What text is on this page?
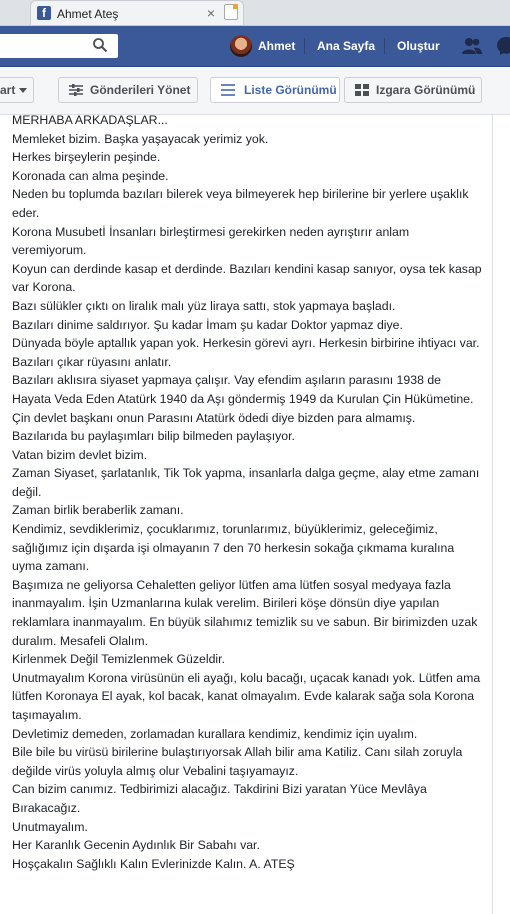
f Ahmet Ateş	×
Ahmet Ana Sayfa Oluştur
art	Gönderileri Yönet	Liste Görünümü	Izgara Görünümü

MERHABA ARKADAŞLAR...

Memleket bizim. Başka yaşayacak yerimiz yok.

Herkes birşeylerin peşinde.

Koronada can alma peşinde.

Neden bu toplumda bazıları bilerek veya bilmeyerek hep birilerine bir yerlere uşaklık eder.

Korona Musubetİ İnsanları birleştirmesi gerekirken neden ayrıştırır anlam veremiyorum.

Koyun can derdinde kasap et derdinde. Bazıları kendini kasap sanıyor, oysa tek kasap var Korona.

Bazı sülükler çıktı on liralık malı yüz liraya sattı, stok yapmaya başladı.

Bazıları dinime saldırıyor. Şu kadar İmam şu kadar Doktor yapmaz diye.

Dünyada böyle aptallık yapan yok. Herkesin görevi ayrı. Herkesin birbirine ihtiyacı var.

Bazıları çıkar rüyasını anlatır.

Bazıları aklısıra siyaset yapmaya çalışır. Vay efendim aşıların parasını 1938 de Hayata Veda Eden Atatürk 1940 da Aşı göndermiş 1949 da Kurulan Çin Hükümetine. Çin devlet başkanı onun Parasını Atatürk ödedi diye bizden para almamış.

Bazılarıda bu paylaşımları bilip bilmeden paylaşıyor.

Vatan bizim devlet bizim.

Zaman Siyaset, şarlatanlık, Tik Tok yapma, insanlarla dalga geçme, alay etme zamanı değil.

Zaman birlik beraberlik zamanı.

Kendimiz, sevdiklerimiz, çocuklarımız, torunlarımız, büyüklerimiz, geleceğimiz, sağlığımız için dışarda işi olmayanın 7 den 70 herkesin sokağa çıkmama kuralına uyma zamanı.

Başımıza ne geliyorsa Cehaletten geliyor lütfen ama lütfen sosyal medyaya fazla inanmayalım. İşin Uzmanlarına kulak verelim. Birileri köşe dönsün diye yapılan reklamlara inanmayalım. En büyük silahımız temizlik su ve sabun. Bir birimizden uzak duralım. Mesafeli Olalım.

Kirlenmek Değil Temizlenmek Güzeldir.

Unutmayalım Korona virüsünün eli ayağı, kolu bacağı, uçacak kanadı yok. Lütfen ama lütfen Koronaya El ayak, kol bacak, kanat olmayalım. Evde kalarak sağa sola Korona taşımayalım.

Devletimiz demeden, zorlamadan kurallara kendimiz, kendimiz için uyalım.

Bile bile bu virüsü birilerine bulaştırıyorsak Allah bilir ama Katiliz. Canı silah zoruyla değilde virüs yoluyla almış olur Vebalini taşıyamayız.

Can bizim canımız. Tedbirimizi alacağız. Takdirini Bizi yaratan Yüce Mevlâya Bırakacağız.

Unutmayalım.

Her Karanlık Gecenin Aydınlık Bir Sabahı var.

Hoşçakalın Sağlıklı Kalın Evlerinizde Kalın. A. ATEŞ
